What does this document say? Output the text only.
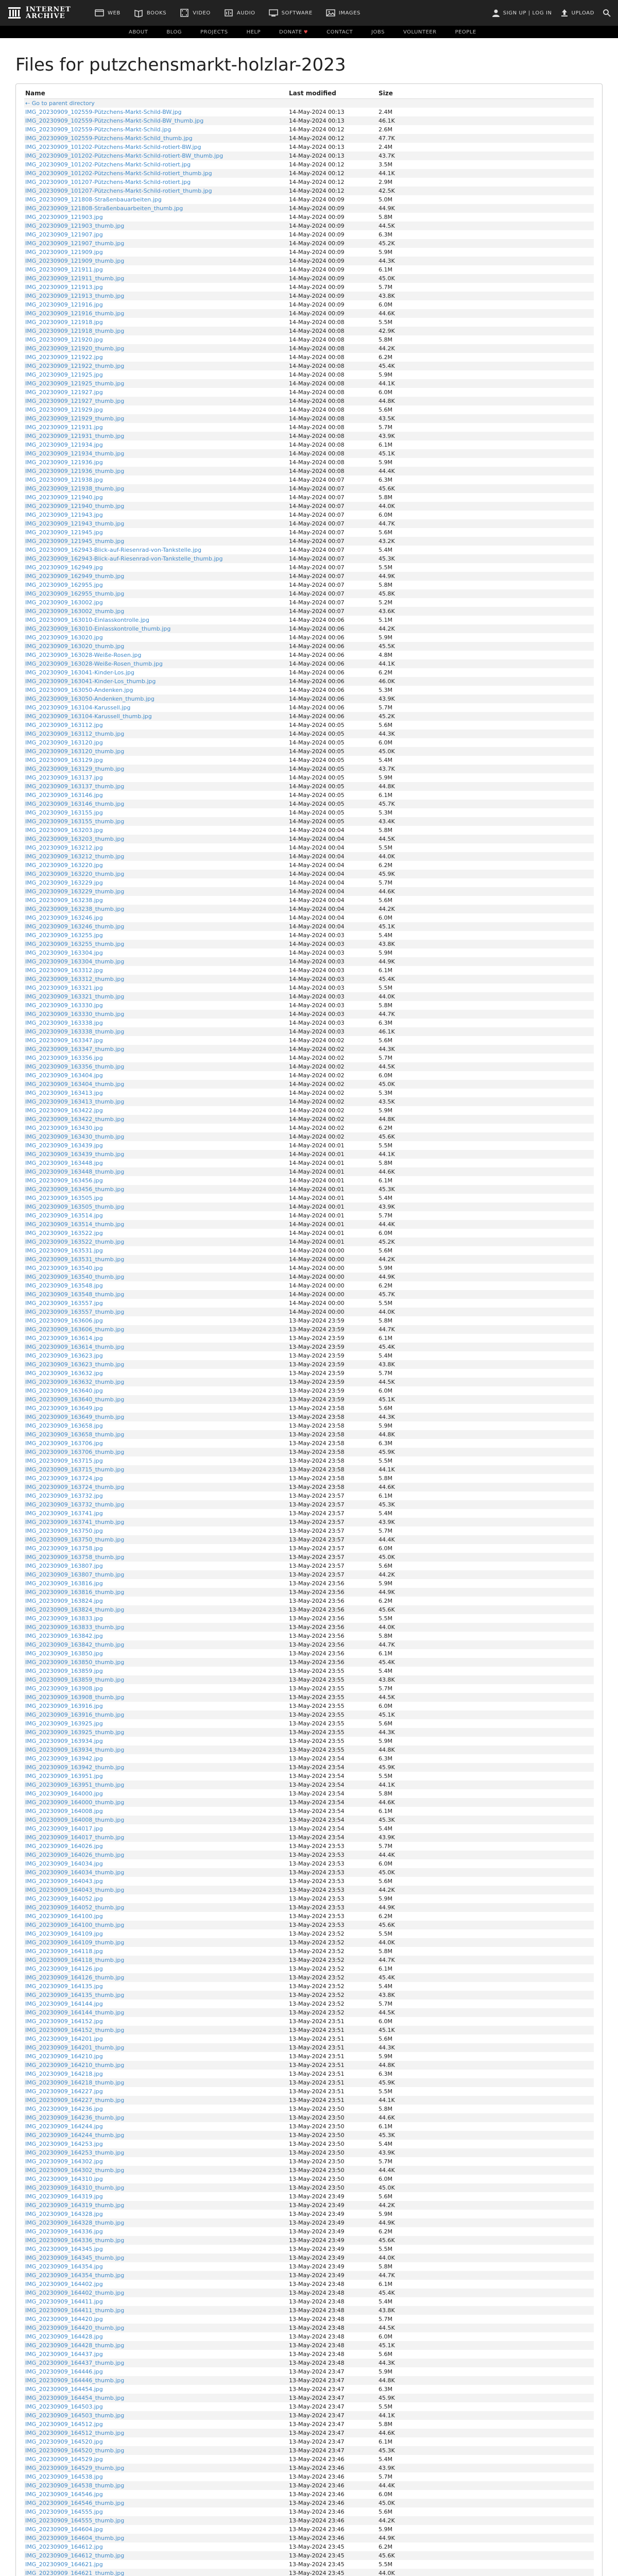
INTERNET
ARCHIVE	WEB	BOOKS	VIDEO	AUDIO	SOFTWARE	IMAGES	SIGN UP | LOG IN	UPLOAD
ABOUT	BLOG	PROJECTS	HELP	DONATE ♥	CONTACT	JOBS	VOLUNTEER	PEOPLE
Files for putzchensmarkt-holzlar-2023
Name	Last modified	Size
⇠ Go to parent directory		
IMG_20230909_102559-Pützchens-Markt-Schild-BW.jpg	14-May-2024 00:13	2.4M
IMG_20230909_102559-Pützchens-Markt-Schild-BW_thumb.jpg	14-May-2024 00:13	46.1K
IMG_20230909_102559-Pützchens-Markt-Schild.jpg	14-May-2024 00:12	2.6M
IMG_20230909_102559-Pützchens-Markt-Schild_thumb.jpg	14-May-2024 00:12	47.7K
IMG_20230909_101202-Pützchens-Markt-Schild-rotiert-BW.jpg	14-May-2024 00:13	2.4M
IMG_20230909_101202-Pützchens-Markt-Schild-rotiert-BW_thumb.jpg	14-May-2024 00:13	43.7K
IMG_20230909_101202-Pützchens-Markt-Schild-rotiert.jpg	14-May-2024 00:12	3.5M
IMG_20230909_101202-Pützchens-Markt-Schild-rotiert_thumb.jpg	14-May-2024 00:12	44.1K
IMG_20230909_101207-Pützchens-Markt-Schild-rotiert.jpg	14-May-2024 00:12	2.9M
IMG_20230909_101207-Pützchens-Markt-Schild-rotiert_thumb.jpg	14-May-2024 00:12	42.5K
IMG_20230909_121808-Straßenbauarbeiten.jpg	14-May-2024 00:09	5.0M
IMG_20230909_121808-Straßenbauarbeiten_thumb.jpg	14-May-2024 00:09	44.9K
IMG_20230909_121903.jpg	14-May-2024 00:09	5.8M
IMG_20230909_121903_thumb.jpg	14-May-2024 00:09	44.5K
IMG_20230909_121907.jpg	14-May-2024 00:09	6.3M
IMG_20230909_121907_thumb.jpg	14-May-2024 00:09	45.2K
IMG_20230909_121909.jpg	14-May-2024 00:09	5.9M
IMG_20230909_121909_thumb.jpg	14-May-2024 00:09	44.3K
IMG_20230909_121911.jpg	14-May-2024 00:09	6.1M
IMG_20230909_121911_thumb.jpg	14-May-2024 00:09	45.0K
IMG_20230909_121913.jpg	14-May-2024 00:09	5.7M
IMG_20230909_121913_thumb.jpg	14-May-2024 00:09	43.8K
IMG_20230909_121916.jpg	14-May-2024 00:09	6.0M
IMG_20230909_121916_thumb.jpg	14-May-2024 00:09	44.6K
IMG_20230909_121918.jpg	14-May-2024 00:08	5.5M
IMG_20230909_121918_thumb.jpg	14-May-2024 00:08	42.9K
IMG_20230909_121920.jpg	14-May-2024 00:08	5.8M
IMG_20230909_121920_thumb.jpg	14-May-2024 00:08	44.2K
IMG_20230909_121922.jpg	14-May-2024 00:08	6.2M
IMG_20230909_121922_thumb.jpg	14-May-2024 00:08	45.4K
IMG_20230909_121925.jpg	14-May-2024 00:08	5.9M
IMG_20230909_121925_thumb.jpg	14-May-2024 00:08	44.1K
IMG_20230909_121927.jpg	14-May-2024 00:08	6.0M
IMG_20230909_121927_thumb.jpg	14-May-2024 00:08	44.8K
IMG_20230909_121929.jpg	14-May-2024 00:08	5.6M
IMG_20230909_121929_thumb.jpg	14-May-2024 00:08	43.5K
IMG_20230909_121931.jpg	14-May-2024 00:08	5.7M
IMG_20230909_121931_thumb.jpg	14-May-2024 00:08	43.9K
IMG_20230909_121934.jpg	14-May-2024 00:08	6.1M
IMG_20230909_121934_thumb.jpg	14-May-2024 00:08	45.1K
IMG_20230909_121936.jpg	14-May-2024 00:08	5.9M
IMG_20230909_121936_thumb.jpg	14-May-2024 00:08	44.4K
IMG_20230909_121938.jpg	14-May-2024 00:07	6.3M
IMG_20230909_121938_thumb.jpg	14-May-2024 00:07	45.6K
IMG_20230909_121940.jpg	14-May-2024 00:07	5.8M
IMG_20230909_121940_thumb.jpg	14-May-2024 00:07	44.0K
IMG_20230909_121943.jpg	14-May-2024 00:07	6.0M
IMG_20230909_121943_thumb.jpg	14-May-2024 00:07	44.7K
IMG_20230909_121945.jpg	14-May-2024 00:07	5.6M
IMG_20230909_121945_thumb.jpg	14-May-2024 00:07	43.2K
IMG_20230909_162943-Blick-auf-Riesenrad-von-Tankstelle.jpg	14-May-2024 00:07	5.4M
IMG_20230909_162943-Blick-auf-Riesenrad-von-Tankstelle_thumb.jpg	14-May-2024 00:07	45.3K
IMG_20230909_162949.jpg	14-May-2024 00:07	5.5M
IMG_20230909_162949_thumb.jpg	14-May-2024 00:07	44.9K
IMG_20230909_162955.jpg	14-May-2024 00:07	5.8M
IMG_20230909_162955_thumb.jpg	14-May-2024 00:07	45.8K
IMG_20230909_163002.jpg	14-May-2024 00:07	5.2M
IMG_20230909_163002_thumb.jpg	14-May-2024 00:07	43.6K
IMG_20230909_163010-Einlasskontrolle.jpg	14-May-2024 00:06	5.1M
IMG_20230909_163010-Einlasskontrolle_thumb.jpg	14-May-2024 00:06	44.2K
IMG_20230909_163020.jpg	14-May-2024 00:06	5.9M
IMG_20230909_163020_thumb.jpg	14-May-2024 00:06	45.5K
IMG_20230909_163028-Weiße-Rosen.jpg	14-May-2024 00:06	4.8M
IMG_20230909_163028-Weiße-Rosen_thumb.jpg	14-May-2024 00:06	44.1K
IMG_20230909_163041-Kinder-Los.jpg	14-May-2024 00:06	6.2M
IMG_20230909_163041-Kinder-Los_thumb.jpg	14-May-2024 00:06	46.0K
IMG_20230909_163050-Andenken.jpg	14-May-2024 00:06	5.3M
IMG_20230909_163050-Andenken_thumb.jpg	14-May-2024 00:06	43.9K
IMG_20230909_163104-Karussell.jpg	14-May-2024 00:06	5.7M
IMG_20230909_163104-Karussell_thumb.jpg	14-May-2024 00:06	45.2K
IMG_20230909_163112.jpg	14-May-2024 00:05	5.6M
IMG_20230909_163112_thumb.jpg	14-May-2024 00:05	44.3K
IMG_20230909_163120.jpg	14-May-2024 00:05	6.0M
IMG_20230909_163120_thumb.jpg	14-May-2024 00:05	45.0K
IMG_20230909_163129.jpg	14-May-2024 00:05	5.4M
IMG_20230909_163129_thumb.jpg	14-May-2024 00:05	43.7K
IMG_20230909_163137.jpg	14-May-2024 00:05	5.9M
IMG_20230909_163137_thumb.jpg	14-May-2024 00:05	44.8K
IMG_20230909_163146.jpg	14-May-2024 00:05	6.1M
IMG_20230909_163146_thumb.jpg	14-May-2024 00:05	45.7K
IMG_20230909_163155.jpg	14-May-2024 00:05	5.3M
IMG_20230909_163155_thumb.jpg	14-May-2024 00:05	43.4K
IMG_20230909_163203.jpg	14-May-2024 00:04	5.8M
IMG_20230909_163203_thumb.jpg	14-May-2024 00:04	44.5K
IMG_20230909_163212.jpg	14-May-2024 00:04	5.5M
IMG_20230909_163212_thumb.jpg	14-May-2024 00:04	44.0K
IMG_20230909_163220.jpg	14-May-2024 00:04	6.2M
IMG_20230909_163220_thumb.jpg	14-May-2024 00:04	45.9K
IMG_20230909_163229.jpg	14-May-2024 00:04	5.7M
IMG_20230909_163229_thumb.jpg	14-May-2024 00:04	44.6K
IMG_20230909_163238.jpg	14-May-2024 00:04	5.6M
IMG_20230909_163238_thumb.jpg	14-May-2024 00:04	44.2K
IMG_20230909_163246.jpg	14-May-2024 00:04	6.0M
IMG_20230909_163246_thumb.jpg	14-May-2024 00:04	45.1K
IMG_20230909_163255.jpg	14-May-2024 00:03	5.4M
IMG_20230909_163255_thumb.jpg	14-May-2024 00:03	43.8K
IMG_20230909_163304.jpg	14-May-2024 00:03	5.9M
IMG_20230909_163304_thumb.jpg	14-May-2024 00:03	44.9K
IMG_20230909_163312.jpg	14-May-2024 00:03	6.1M
IMG_20230909_163312_thumb.jpg	14-May-2024 00:03	45.4K
IMG_20230909_163321.jpg	14-May-2024 00:03	5.5M
IMG_20230909_163321_thumb.jpg	14-May-2024 00:03	44.0K
IMG_20230909_163330.jpg	14-May-2024 00:03	5.8M
IMG_20230909_163330_thumb.jpg	14-May-2024 00:03	44.7K
IMG_20230909_163338.jpg	14-May-2024 00:03	6.3M
IMG_20230909_163338_thumb.jpg	14-May-2024 00:03	46.1K
IMG_20230909_163347.jpg	14-May-2024 00:02	5.6M
IMG_20230909_163347_thumb.jpg	14-May-2024 00:02	44.3K
IMG_20230909_163356.jpg	14-May-2024 00:02	5.7M
IMG_20230909_163356_thumb.jpg	14-May-2024 00:02	44.5K
IMG_20230909_163404.jpg	14-May-2024 00:02	6.0M
IMG_20230909_163404_thumb.jpg	14-May-2024 00:02	45.0K
IMG_20230909_163413.jpg	14-May-2024 00:02	5.3M
IMG_20230909_163413_thumb.jpg	14-May-2024 00:02	43.5K
IMG_20230909_163422.jpg	14-May-2024 00:02	5.9M
IMG_20230909_163422_thumb.jpg	14-May-2024 00:02	44.8K
IMG_20230909_163430.jpg	14-May-2024 00:02	6.2M
IMG_20230909_163430_thumb.jpg	14-May-2024 00:02	45.6K
IMG_20230909_163439.jpg	14-May-2024 00:01	5.5M
IMG_20230909_163439_thumb.jpg	14-May-2024 00:01	44.1K
IMG_20230909_163448.jpg	14-May-2024 00:01	5.8M
IMG_20230909_163448_thumb.jpg	14-May-2024 00:01	44.6K
IMG_20230909_163456.jpg	14-May-2024 00:01	6.1M
IMG_20230909_163456_thumb.jpg	14-May-2024 00:01	45.3K
IMG_20230909_163505.jpg	14-May-2024 00:01	5.4M
IMG_20230909_163505_thumb.jpg	14-May-2024 00:01	43.9K
IMG_20230909_163514.jpg	14-May-2024 00:01	5.7M
IMG_20230909_163514_thumb.jpg	14-May-2024 00:01	44.4K
IMG_20230909_163522.jpg	14-May-2024 00:01	6.0M
IMG_20230909_163522_thumb.jpg	14-May-2024 00:01	45.2K
IMG_20230909_163531.jpg	14-May-2024 00:00	5.6M
IMG_20230909_163531_thumb.jpg	14-May-2024 00:00	44.2K
IMG_20230909_163540.jpg	14-May-2024 00:00	5.9M
IMG_20230909_163540_thumb.jpg	14-May-2024 00:00	44.9K
IMG_20230909_163548.jpg	14-May-2024 00:00	6.2M
IMG_20230909_163548_thumb.jpg	14-May-2024 00:00	45.7K
IMG_20230909_163557.jpg	14-May-2024 00:00	5.5M
IMG_20230909_163557_thumb.jpg	14-May-2024 00:00	44.0K
IMG_20230909_163606.jpg	13-May-2024 23:59	5.8M
IMG_20230909_163606_thumb.jpg	13-May-2024 23:59	44.7K
IMG_20230909_163614.jpg	13-May-2024 23:59	6.1M
IMG_20230909_163614_thumb.jpg	13-May-2024 23:59	45.4K
IMG_20230909_163623.jpg	13-May-2024 23:59	5.4M
IMG_20230909_163623_thumb.jpg	13-May-2024 23:59	43.8K
IMG_20230909_163632.jpg	13-May-2024 23:59	5.7M
IMG_20230909_163632_thumb.jpg	13-May-2024 23:59	44.5K
IMG_20230909_163640.jpg	13-May-2024 23:59	6.0M
IMG_20230909_163640_thumb.jpg	13-May-2024 23:59	45.1K
IMG_20230909_163649.jpg	13-May-2024 23:58	5.6M
IMG_20230909_163649_thumb.jpg	13-May-2024 23:58	44.3K
IMG_20230909_163658.jpg	13-May-2024 23:58	5.9M
IMG_20230909_163658_thumb.jpg	13-May-2024 23:58	44.8K
IMG_20230909_163706.jpg	13-May-2024 23:58	6.3M
IMG_20230909_163706_thumb.jpg	13-May-2024 23:58	45.9K
IMG_20230909_163715.jpg	13-May-2024 23:58	5.5M
IMG_20230909_163715_thumb.jpg	13-May-2024 23:58	44.1K
IMG_20230909_163724.jpg	13-May-2024 23:58	5.8M
IMG_20230909_163724_thumb.jpg	13-May-2024 23:58	44.6K
IMG_20230909_163732.jpg	13-May-2024 23:57	6.1M
IMG_20230909_163732_thumb.jpg	13-May-2024 23:57	45.3K
IMG_20230909_163741.jpg	13-May-2024 23:57	5.4M
IMG_20230909_163741_thumb.jpg	13-May-2024 23:57	43.9K
IMG_20230909_163750.jpg	13-May-2024 23:57	5.7M
IMG_20230909_163750_thumb.jpg	13-May-2024 23:57	44.4K
IMG_20230909_163758.jpg	13-May-2024 23:57	6.0M
IMG_20230909_163758_thumb.jpg	13-May-2024 23:57	45.0K
IMG_20230909_163807.jpg	13-May-2024 23:57	5.6M
IMG_20230909_163807_thumb.jpg	13-May-2024 23:57	44.2K
IMG_20230909_163816.jpg	13-May-2024 23:56	5.9M
IMG_20230909_163816_thumb.jpg	13-May-2024 23:56	44.9K
IMG_20230909_163824.jpg	13-May-2024 23:56	6.2M
IMG_20230909_163824_thumb.jpg	13-May-2024 23:56	45.6K
IMG_20230909_163833.jpg	13-May-2024 23:56	5.5M
IMG_20230909_163833_thumb.jpg	13-May-2024 23:56	44.0K
IMG_20230909_163842.jpg	13-May-2024 23:56	5.8M
IMG_20230909_163842_thumb.jpg	13-May-2024 23:56	44.7K
IMG_20230909_163850.jpg	13-May-2024 23:56	6.1M
IMG_20230909_163850_thumb.jpg	13-May-2024 23:56	45.4K
IMG_20230909_163859.jpg	13-May-2024 23:55	5.4M
IMG_20230909_163859_thumb.jpg	13-May-2024 23:55	43.8K
IMG_20230909_163908.jpg	13-May-2024 23:55	5.7M
IMG_20230909_163908_thumb.jpg	13-May-2024 23:55	44.5K
IMG_20230909_163916.jpg	13-May-2024 23:55	6.0M
IMG_20230909_163916_thumb.jpg	13-May-2024 23:55	45.1K
IMG_20230909_163925.jpg	13-May-2024 23:55	5.6M
IMG_20230909_163925_thumb.jpg	13-May-2024 23:55	44.3K
IMG_20230909_163934.jpg	13-May-2024 23:55	5.9M
IMG_20230909_163934_thumb.jpg	13-May-2024 23:55	44.8K
IMG_20230909_163942.jpg	13-May-2024 23:54	6.3M
IMG_20230909_163942_thumb.jpg	13-May-2024 23:54	45.9K
IMG_20230909_163951.jpg	13-May-2024 23:54	5.5M
IMG_20230909_163951_thumb.jpg	13-May-2024 23:54	44.1K
IMG_20230909_164000.jpg	13-May-2024 23:54	5.8M
IMG_20230909_164000_thumb.jpg	13-May-2024 23:54	44.6K
IMG_20230909_164008.jpg	13-May-2024 23:54	6.1M
IMG_20230909_164008_thumb.jpg	13-May-2024 23:54	45.3K
IMG_20230909_164017.jpg	13-May-2024 23:54	5.4M
IMG_20230909_164017_thumb.jpg	13-May-2024 23:54	43.9K
IMG_20230909_164026.jpg	13-May-2024 23:53	5.7M
IMG_20230909_164026_thumb.jpg	13-May-2024 23:53	44.4K
IMG_20230909_164034.jpg	13-May-2024 23:53	6.0M
IMG_20230909_164034_thumb.jpg	13-May-2024 23:53	45.0K
IMG_20230909_164043.jpg	13-May-2024 23:53	5.6M
IMG_20230909_164043_thumb.jpg	13-May-2024 23:53	44.2K
IMG_20230909_164052.jpg	13-May-2024 23:53	5.9M
IMG_20230909_164052_thumb.jpg	13-May-2024 23:53	44.9K
IMG_20230909_164100.jpg	13-May-2024 23:53	6.2M
IMG_20230909_164100_thumb.jpg	13-May-2024 23:53	45.6K
IMG_20230909_164109.jpg	13-May-2024 23:52	5.5M
IMG_20230909_164109_thumb.jpg	13-May-2024 23:52	44.0K
IMG_20230909_164118.jpg	13-May-2024 23:52	5.8M
IMG_20230909_164118_thumb.jpg	13-May-2024 23:52	44.7K
IMG_20230909_164126.jpg	13-May-2024 23:52	6.1M
IMG_20230909_164126_thumb.jpg	13-May-2024 23:52	45.4K
IMG_20230909_164135.jpg	13-May-2024 23:52	5.4M
IMG_20230909_164135_thumb.jpg	13-May-2024 23:52	43.8K
IMG_20230909_164144.jpg	13-May-2024 23:52	5.7M
IMG_20230909_164144_thumb.jpg	13-May-2024 23:52	44.5K
IMG_20230909_164152.jpg	13-May-2024 23:51	6.0M
IMG_20230909_164152_thumb.jpg	13-May-2024 23:51	45.1K
IMG_20230909_164201.jpg	13-May-2024 23:51	5.6M
IMG_20230909_164201_thumb.jpg	13-May-2024 23:51	44.3K
IMG_20230909_164210.jpg	13-May-2024 23:51	5.9M
IMG_20230909_164210_thumb.jpg	13-May-2024 23:51	44.8K
IMG_20230909_164218.jpg	13-May-2024 23:51	6.3M
IMG_20230909_164218_thumb.jpg	13-May-2024 23:51	45.9K
IMG_20230909_164227.jpg	13-May-2024 23:51	5.5M
IMG_20230909_164227_thumb.jpg	13-May-2024 23:51	44.1K
IMG_20230909_164236.jpg	13-May-2024 23:50	5.8M
IMG_20230909_164236_thumb.jpg	13-May-2024 23:50	44.6K
IMG_20230909_164244.jpg	13-May-2024 23:50	6.1M
IMG_20230909_164244_thumb.jpg	13-May-2024 23:50	45.3K
IMG_20230909_164253.jpg	13-May-2024 23:50	5.4M
IMG_20230909_164253_thumb.jpg	13-May-2024 23:50	43.9K
IMG_20230909_164302.jpg	13-May-2024 23:50	5.7M
IMG_20230909_164302_thumb.jpg	13-May-2024 23:50	44.4K
IMG_20230909_164310.jpg	13-May-2024 23:50	6.0M
IMG_20230909_164310_thumb.jpg	13-May-2024 23:50	45.0K
IMG_20230909_164319.jpg	13-May-2024 23:49	5.6M
IMG_20230909_164319_thumb.jpg	13-May-2024 23:49	44.2K
IMG_20230909_164328.jpg	13-May-2024 23:49	5.9M
IMG_20230909_164328_thumb.jpg	13-May-2024 23:49	44.9K
IMG_20230909_164336.jpg	13-May-2024 23:49	6.2M
IMG_20230909_164336_thumb.jpg	13-May-2024 23:49	45.6K
IMG_20230909_164345.jpg	13-May-2024 23:49	5.5M
IMG_20230909_164345_thumb.jpg	13-May-2024 23:49	44.0K
IMG_20230909_164354.jpg	13-May-2024 23:49	5.8M
IMG_20230909_164354_thumb.jpg	13-May-2024 23:49	44.7K
IMG_20230909_164402.jpg	13-May-2024 23:48	6.1M
IMG_20230909_164402_thumb.jpg	13-May-2024 23:48	45.4K
IMG_20230909_164411.jpg	13-May-2024 23:48	5.4M
IMG_20230909_164411_thumb.jpg	13-May-2024 23:48	43.8K
IMG_20230909_164420.jpg	13-May-2024 23:48	5.7M
IMG_20230909_164420_thumb.jpg	13-May-2024 23:48	44.5K
IMG_20230909_164428.jpg	13-May-2024 23:48	6.0M
IMG_20230909_164428_thumb.jpg	13-May-2024 23:48	45.1K
IMG_20230909_164437.jpg	13-May-2024 23:48	5.6M
IMG_20230909_164437_thumb.jpg	13-May-2024 23:48	44.3K
IMG_20230909_164446.jpg	13-May-2024 23:47	5.9M
IMG_20230909_164446_thumb.jpg	13-May-2024 23:47	44.8K
IMG_20230909_164454.jpg	13-May-2024 23:47	6.3M
IMG_20230909_164454_thumb.jpg	13-May-2024 23:47	45.9K
IMG_20230909_164503.jpg	13-May-2024 23:47	5.5M
IMG_20230909_164503_thumb.jpg	13-May-2024 23:47	44.1K
IMG_20230909_164512.jpg	13-May-2024 23:47	5.8M
IMG_20230909_164512_thumb.jpg	13-May-2024 23:47	44.6K
IMG_20230909_164520.jpg	13-May-2024 23:47	6.1M
IMG_20230909_164520_thumb.jpg	13-May-2024 23:47	45.3K
IMG_20230909_164529.jpg	13-May-2024 23:46	5.4M
IMG_20230909_164529_thumb.jpg	13-May-2024 23:46	43.9K
IMG_20230909_164538.jpg	13-May-2024 23:46	5.7M
IMG_20230909_164538_thumb.jpg	13-May-2024 23:46	44.4K
IMG_20230909_164546.jpg	13-May-2024 23:46	6.0M
IMG_20230909_164546_thumb.jpg	13-May-2024 23:46	45.0K
IMG_20230909_164555.jpg	13-May-2024 23:46	5.6M
IMG_20230909_164555_thumb.jpg	13-May-2024 23:46	44.2K
IMG_20230909_164604.jpg	13-May-2024 23:46	5.9M
IMG_20230909_164604_thumb.jpg	13-May-2024 23:46	44.9K
IMG_20230909_164612.jpg	13-May-2024 23:45	6.2M
IMG_20230909_164612_thumb.jpg	13-May-2024 23:45	45.6K
IMG_20230909_164621.jpg	13-May-2024 23:45	5.5M
IMG_20230909_164621_thumb.jpg	13-May-2024 23:45	44.0K
